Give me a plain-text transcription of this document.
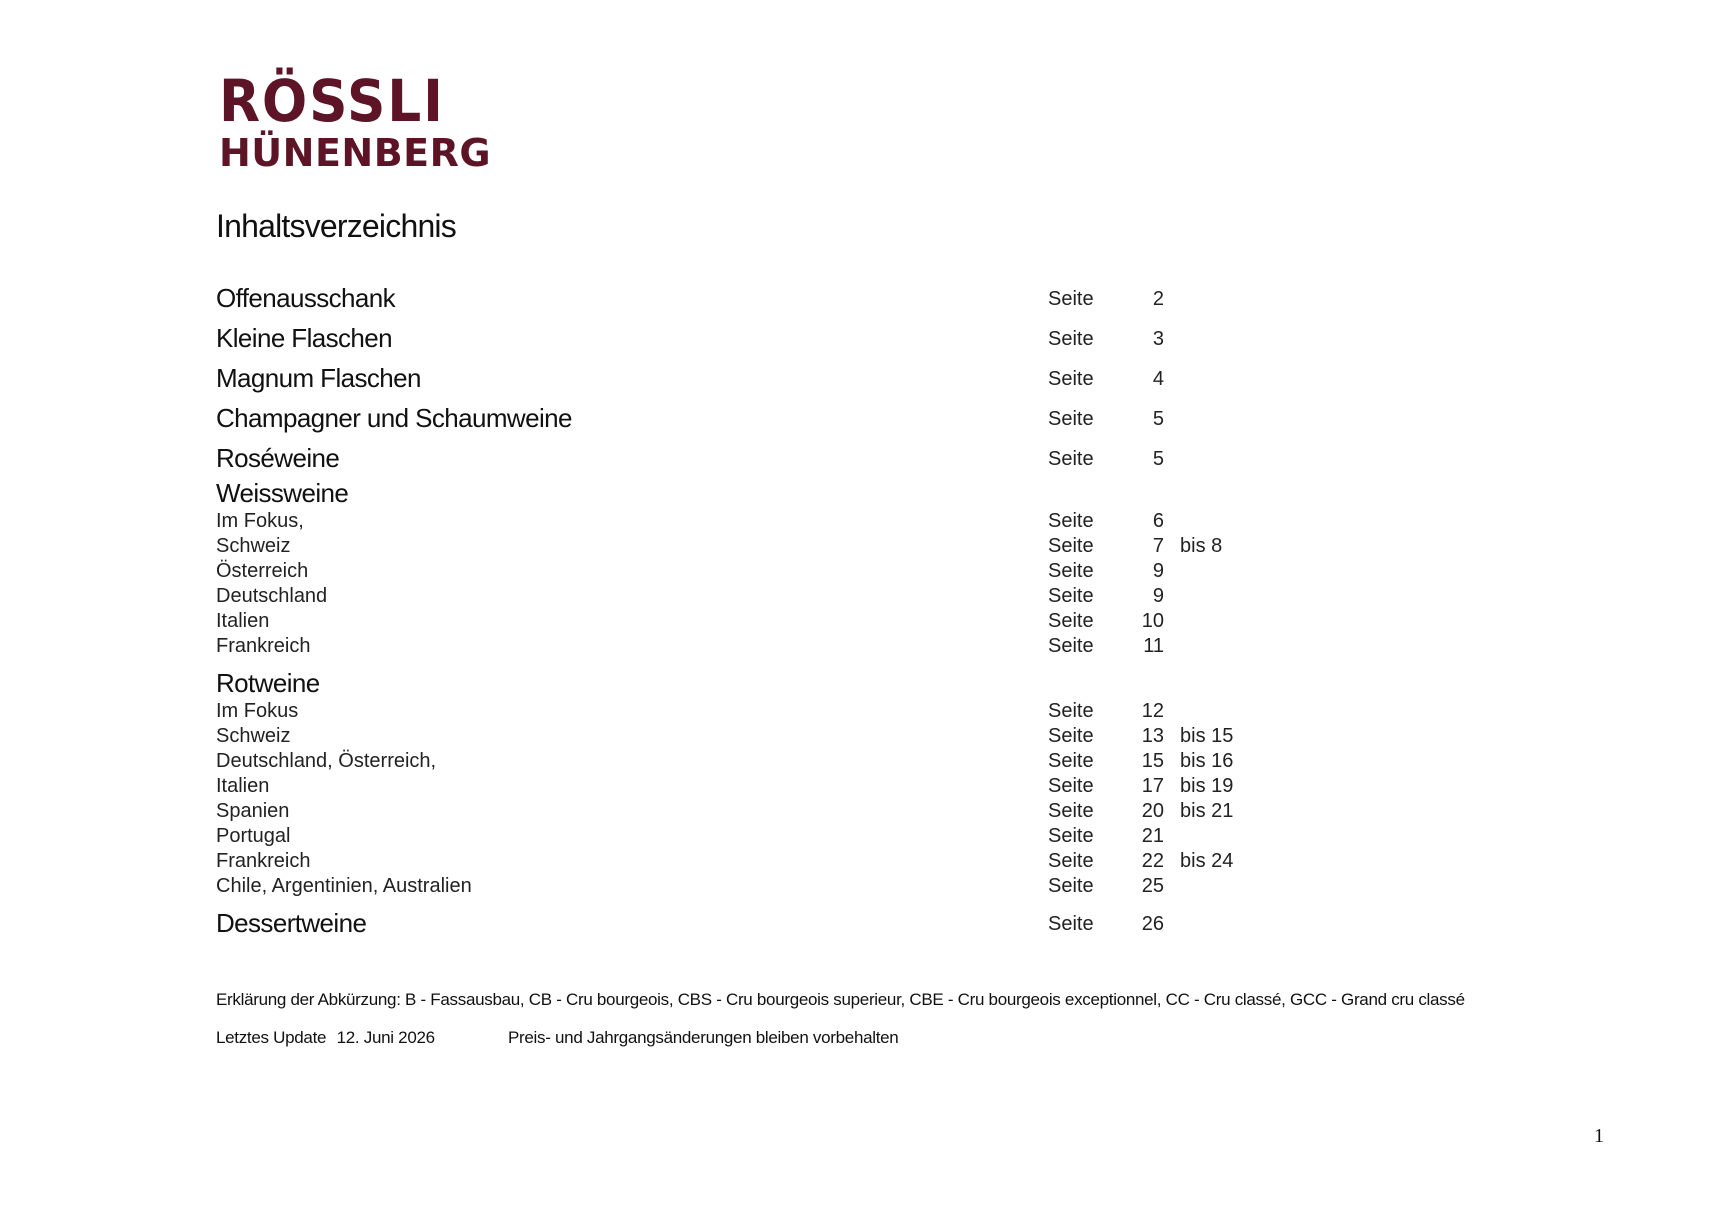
RÖSSLI
HÜNENBERG
Inhaltsverzeichnis
Offenausschank	Seite	2
Kleine Flaschen	Seite	3
Magnum Flaschen	Seite	4
Champagner und Schaumweine	Seite	5
Roséweine	Seite	5
Weissweine
Im Fokus,	Seite	6
Schweiz	Seite	7 bis 8
Österreich	Seite	9
Deutschland	Seite	9
Italien	Seite	10
Frankreich	Seite	11
Rotweine
Im Fokus	Seite	12
Schweiz	Seite	13 bis 15
Deutschland, Österreich,	Seite	15 bis 16
Italien	Seite	17 bis 19
Spanien	Seite	20 bis 21
Portugal	Seite	21
Frankreich	Seite	22 bis 24
Chile, Argentinien, Australien	Seite	25
Dessertweine	Seite	26
Erklärung der Abkürzung: B - Fassausbau, CB - Cru bourgeois, CBS - Cru bourgeois superieur, CBE - Cru bourgeois exceptionnel, CC - Cru classé, GCC - Grand cru classé
Letztes Update 12. Juni 2026	Preis- und Jahrgangsänderungen bleiben vorbehalten
1
